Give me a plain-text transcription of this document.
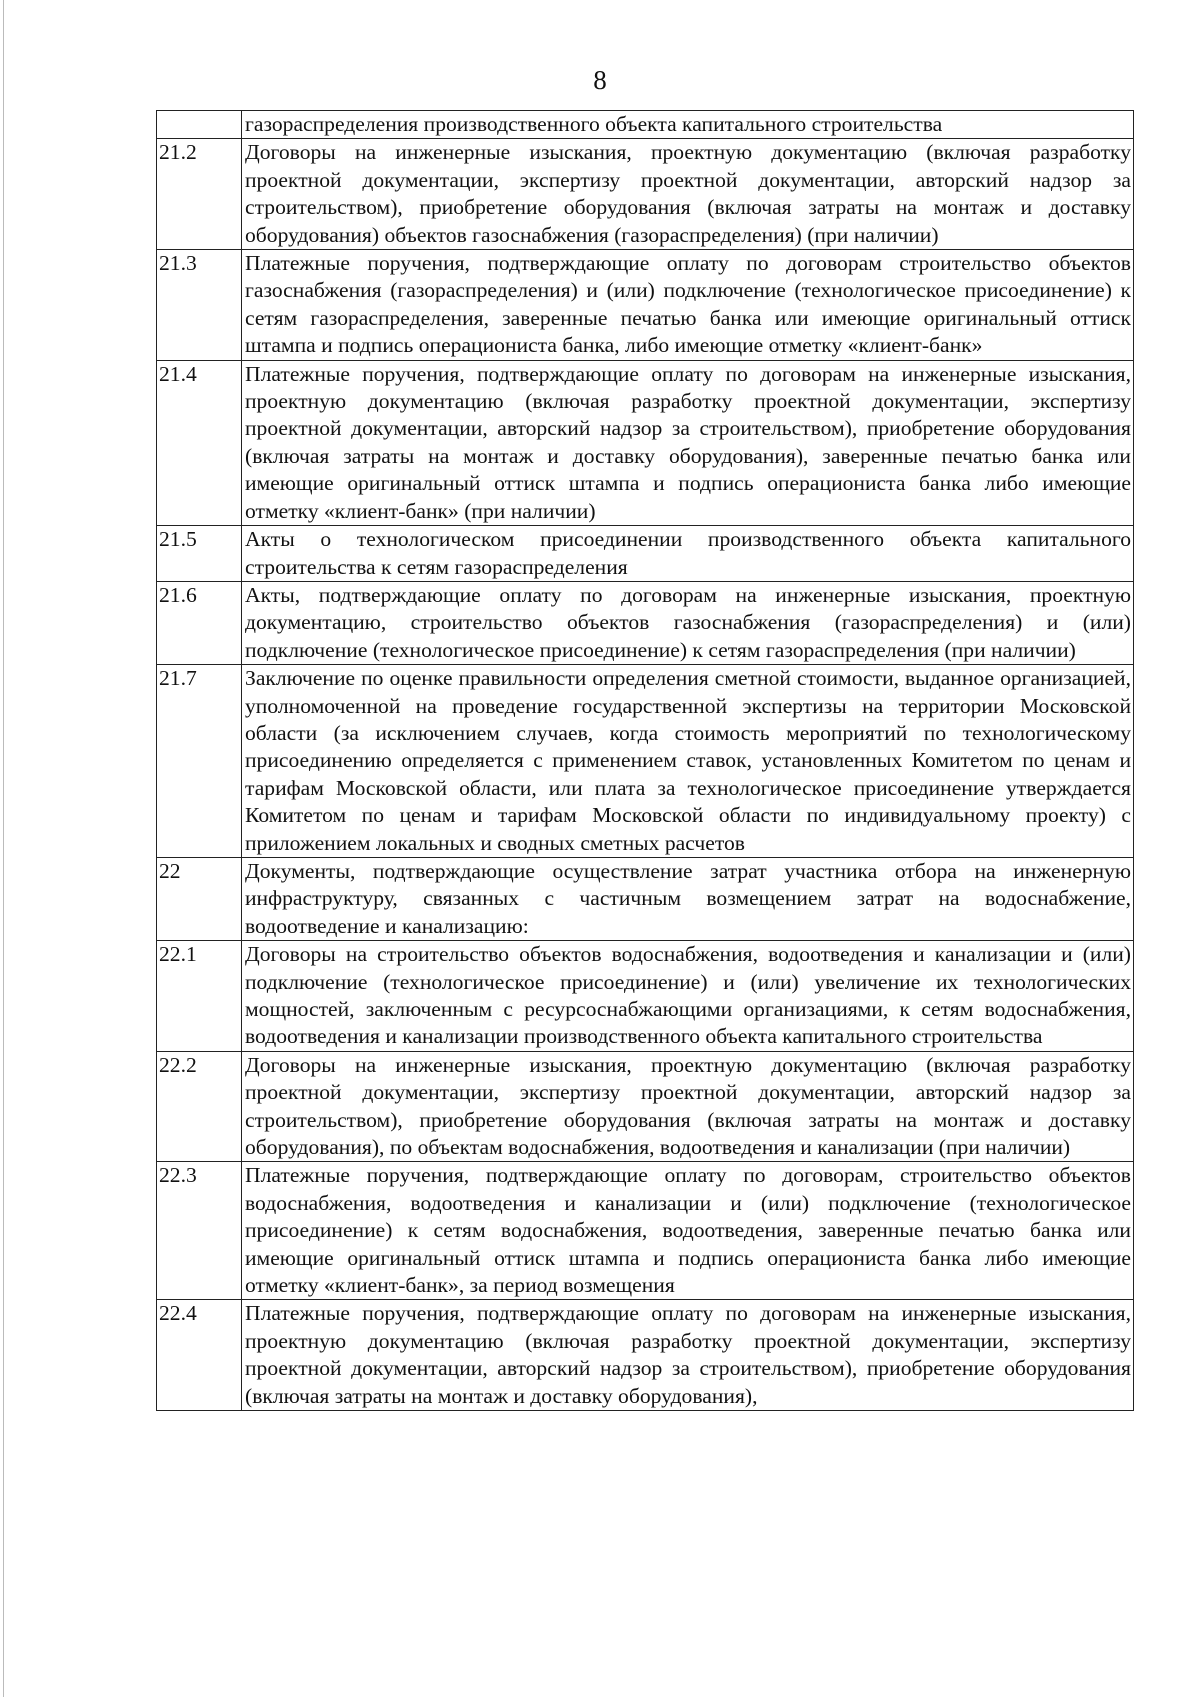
8
	газораспределения производственного объекта капитального строительства
21.2	Договоры на инженерные изыскания, проектную документацию (включая разработку проектной документации, экспертизу проектной документации, авторский надзор за строительством), приобретение оборудования (включая затраты на монтаж и доставку оборудования) объектов газоснабжения (газораспределения) (при наличии)
21.3	Платежные поручения, подтверждающие оплату по договорам строительство объектов газоснабжения (газораспределения) и (или) подключение (технологическое присоединение) к сетям газораспределения, заверенные печатью банка или имеющие оригинальный оттиск штампа и подпись операциониста банка, либо имеющие отметку «клиент-банк»
21.4	Платежные поручения, подтверждающие оплату по договорам на инженерные изыскания, проектную документацию (включая разработку проектной документации, экспертизу проектной документации, авторский надзор за строительством), приобретение оборудования (включая затраты на монтаж и доставку оборудования), заверенные печатью банка или имеющие оригинальный оттиск штампа и подпись операциониста банка либо имеющие отметку «клиент-банк» (при наличии)
21.5	Акты о технологическом присоединении производственного объекта капитального строительства к сетям газораспределения
21.6	Акты, подтверждающие оплату по договорам на инженерные изыскания, проектную документацию, строительство объектов газоснабжения (газораспределения) и (или) подключение (технологическое присоединение) к сетям газораспределения (при наличии)
21.7	Заключение по оценке правильности определения сметной стоимости, выданное организацией, уполномоченной на проведение государственной экспертизы на территории Московской области (за исключением случаев, когда стоимость мероприятий по технологическому присоединению определяется с применением ставок, установленных Комитетом по ценам и тарифам Московской области, или плата за технологическое присоединение утверждается Комитетом по ценам и тарифам Московской области по индивидуальному проекту) с приложением локальных и сводных сметных расчетов
22	Документы, подтверждающие осуществление затрат участника отбора на инженерную инфраструктуру, связанных с частичным возмещением затрат на водоснабжение, водоотведение и канализацию:
22.1	Договоры на строительство объектов водоснабжения, водоотведения и канализации и (или) подключение (технологическое присоединение) и (или) увеличение их технологических мощностей, заключенным с ресурсоснабжающими организациями, к сетям водоснабжения, водоотведения и канализации производственного объекта капитального строительства
22.2	Договоры на инженерные изыскания, проектную документацию (включая разработку проектной документации, экспертизу проектной документации, авторский надзор за строительством), приобретение оборудования (включая затраты на монтаж и доставку оборудования), по объектам водоснабжения, водоотведения и канализации (при наличии)
22.3	Платежные поручения, подтверждающие оплату по договорам, строительство объектов водоснабжения, водоотведения и канализации и (или) подключение (технологическое присоединение) к сетям водоснабжения, водоотведения, заверенные печатью банка или имеющие оригинальный оттиск штампа и подпись операциониста банка либо имеющие отметку «клиент-банк», за период возмещения
22.4	Платежные поручения, подтверждающие оплату по договорам на инженерные изыскания, проектную документацию (включая разработку проектной документации, экспертизу проектной документации, авторский надзор за строительством), приобретение оборудования (включая затраты на монтаж и доставку оборудования),
